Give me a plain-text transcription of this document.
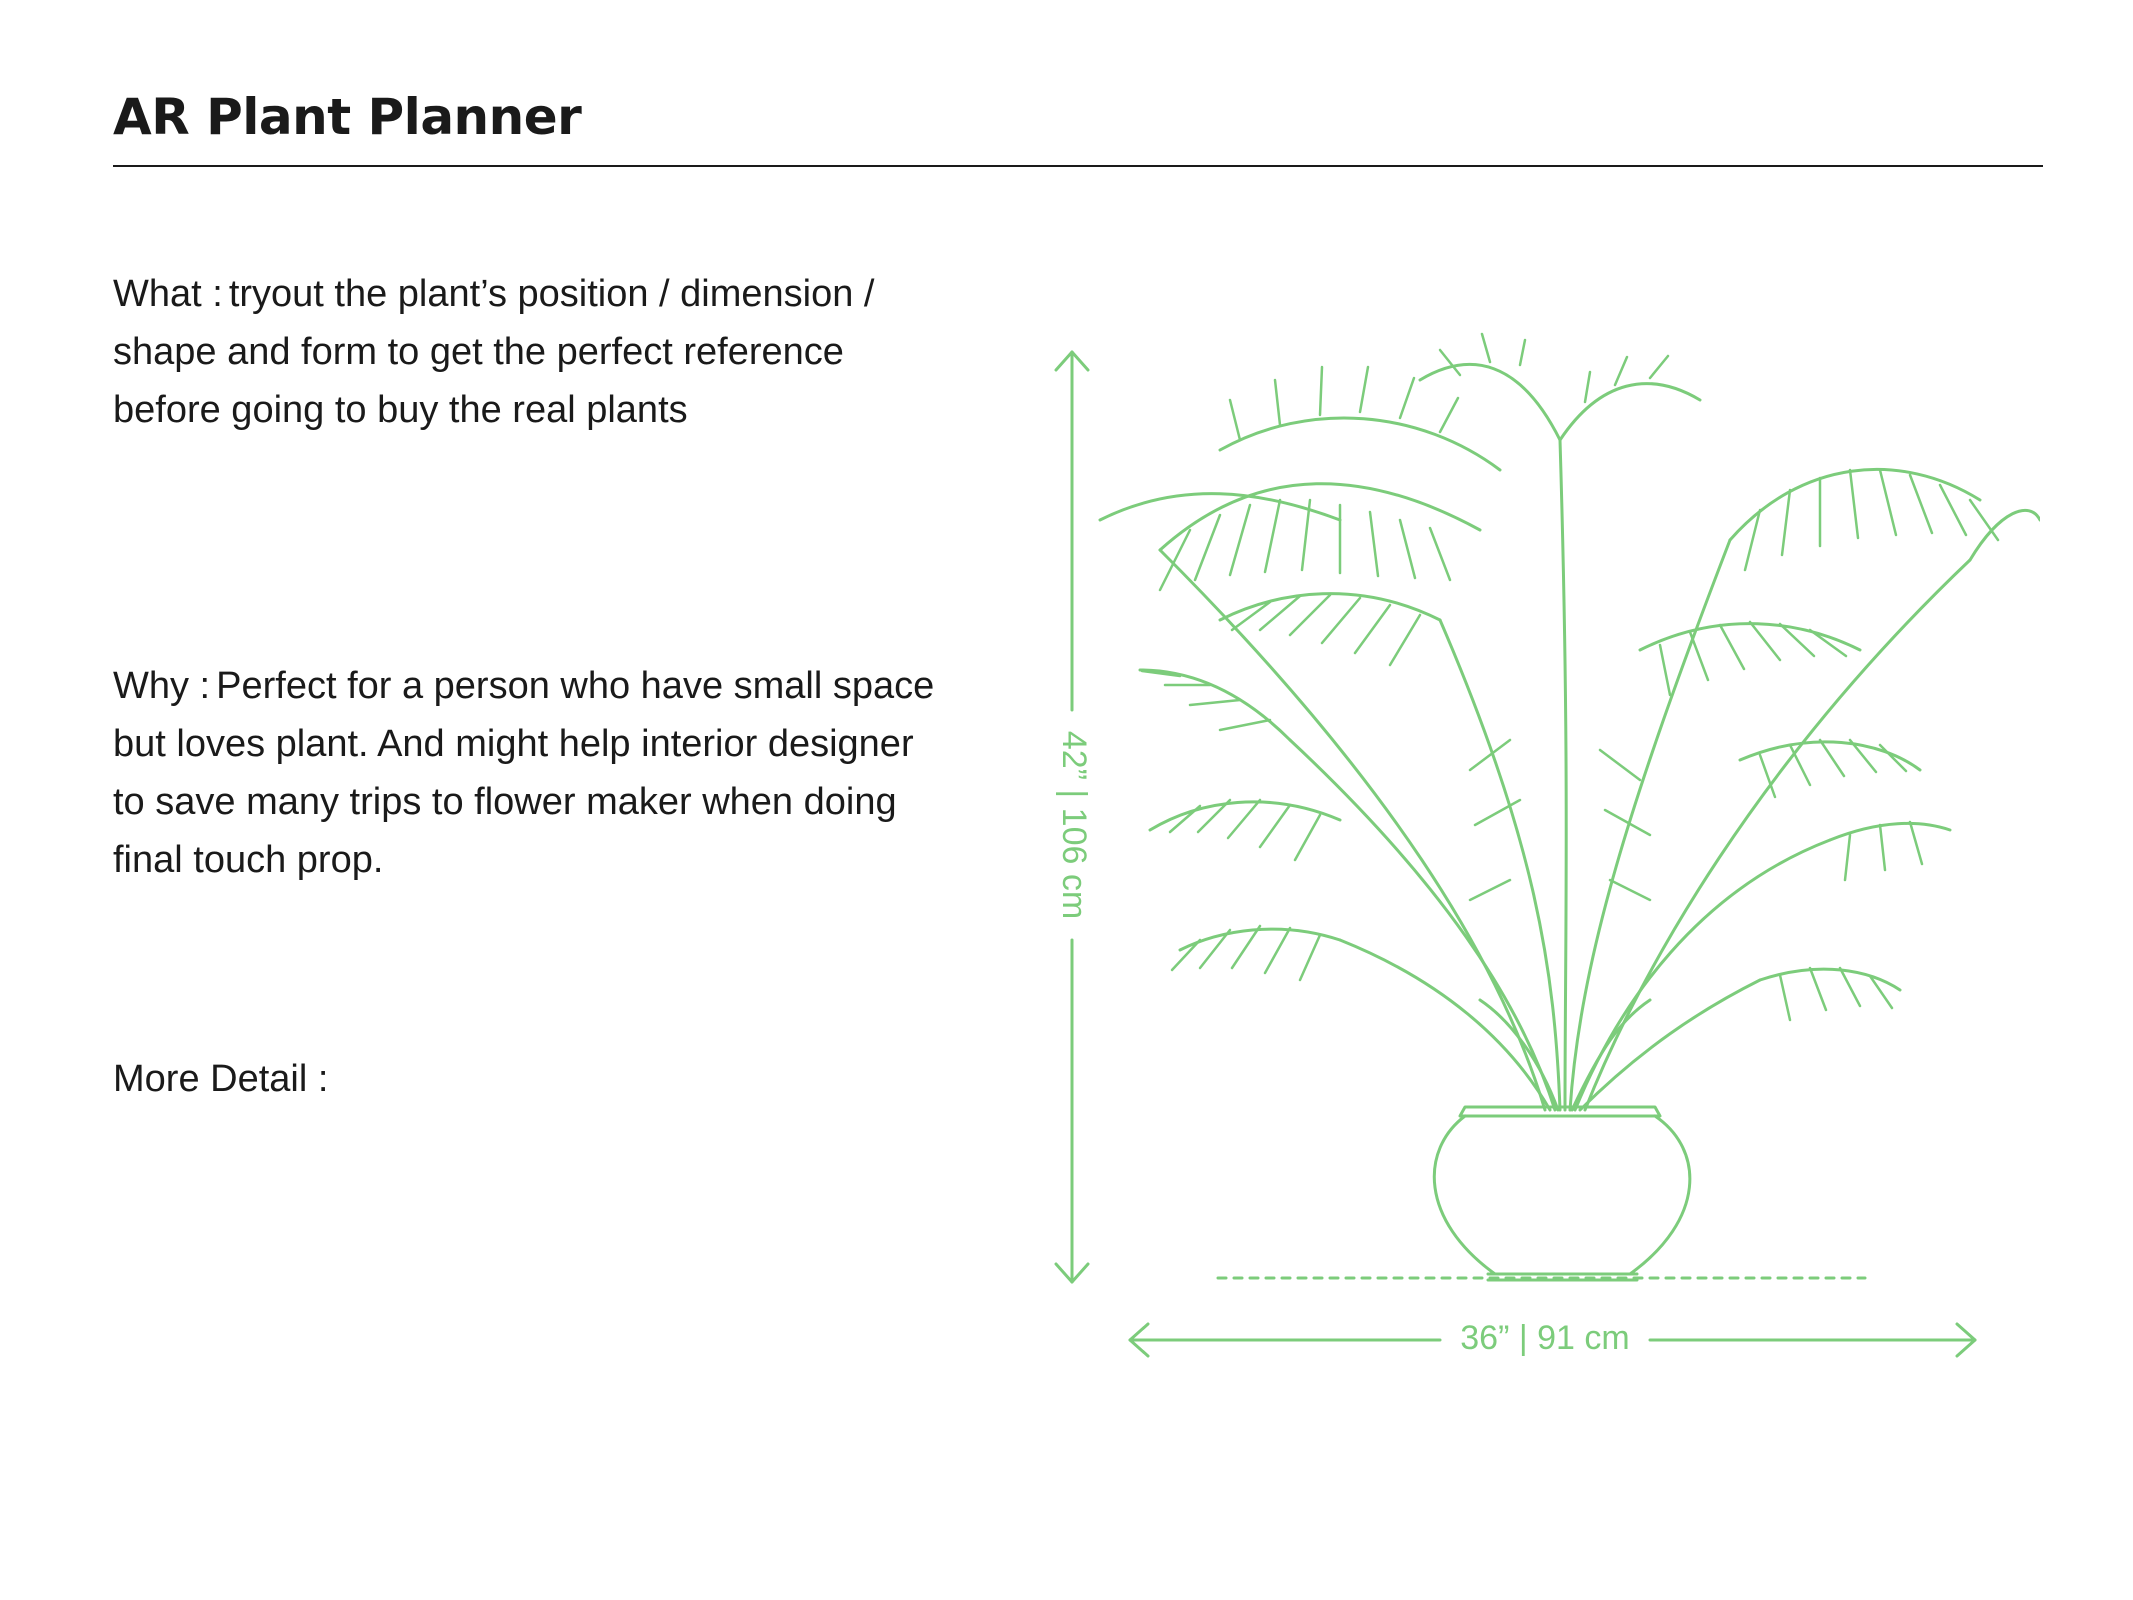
AR Plant Planner

What : tryout the plant’s position / dimension / shape and form to get the perfect reference before going to buy the real plants

Why : Perfect for a person who have small space but loves plant. And might help interior designer to save many trips to flower maker when doing final touch prop.

More Detail :

42” | 106 cm
36” | 91 cm
